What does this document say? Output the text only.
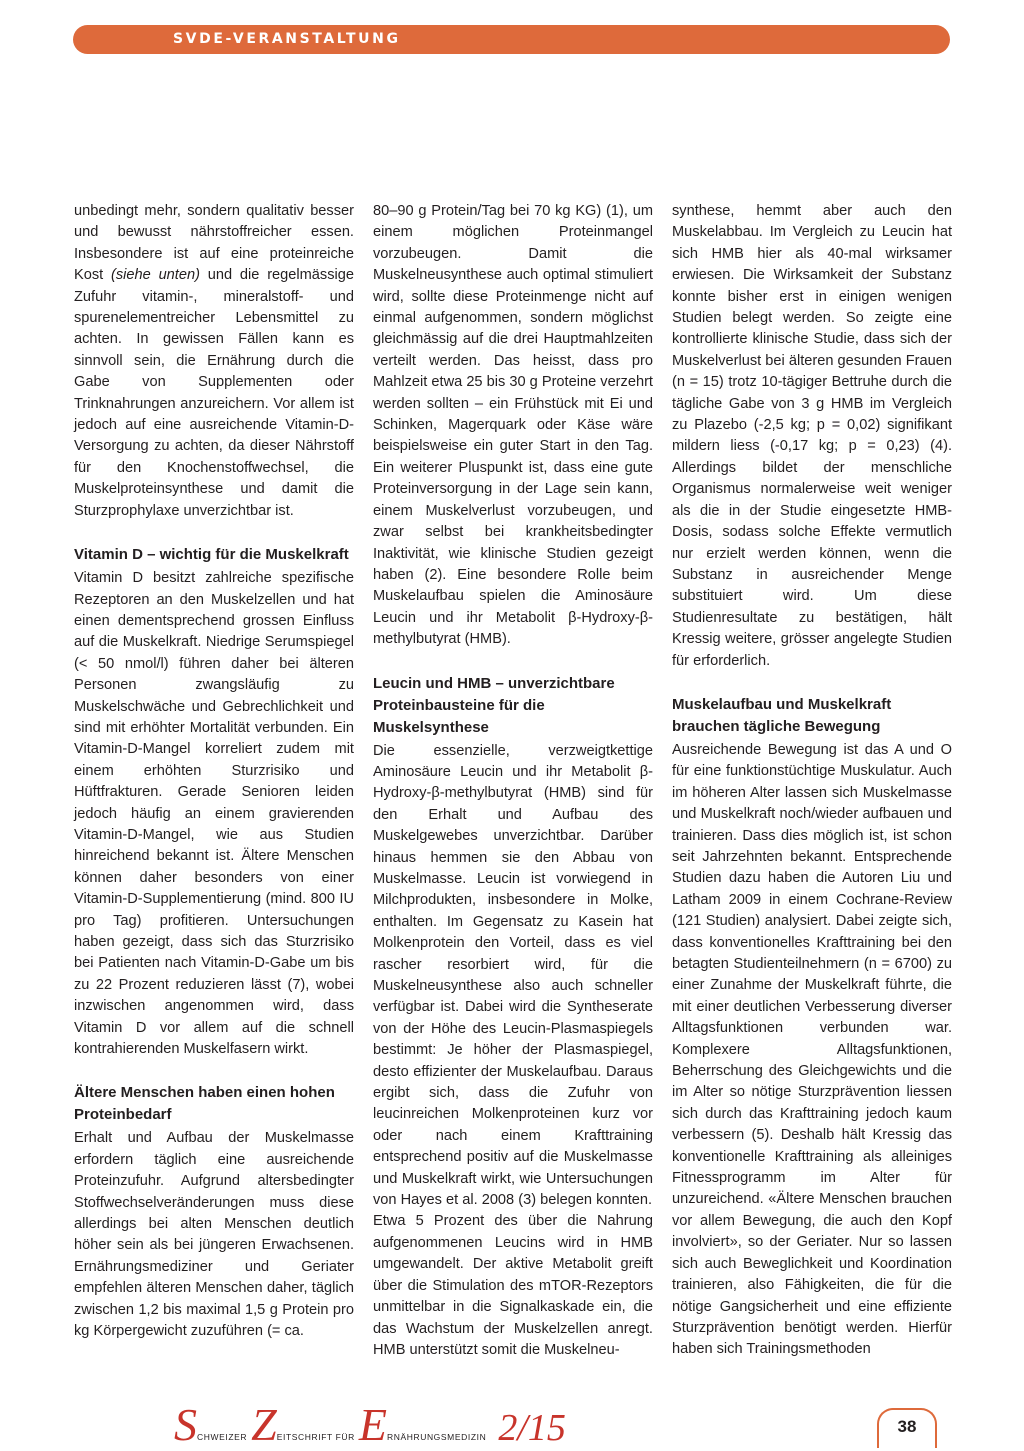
SVDE-VERANSTALTUNG

unbedingt mehr, sondern qualitativ besser und bewusst nährstoffreicher essen. Insbesondere ist auf eine proteinreiche Kost (siehe unten) und die regelmässige Zufuhr vitamin-, mineralstoff- und spurenelementreicher Lebensmittel zu achten. In gewissen Fällen kann es sinnvoll sein, die Ernährung durch die Gabe von Supplementen oder Trinknahrungen anzureichern. Vor allem ist jedoch auf eine ausreichende Vitamin-D-Versorgung zu achten, da dieser Nährstoff für den Knochenstoffwechsel, die Muskelproteinsynthese und damit die Sturzprophylaxe unverzichtbar ist.

Vitamin D – wichtig für die Muskelkraft

Vitamin D besitzt zahlreiche spezifische Rezeptoren an den Muskelzellen und hat einen dementsprechend grossen Einfluss auf die Muskelkraft. Niedrige Serumspiegel (< 50 nmol/l) führen daher bei älteren Personen zwangsläufig zu Muskelschwäche und Gebrechlichkeit und sind mit erhöhter Mortalität verbunden. Ein Vitamin-D-Mangel korreliert zudem mit einem erhöhten Sturzrisiko und Hüftfrakturen. Gerade Senioren leiden jedoch häufig an einem gravierenden Vitamin-D-Mangel, wie aus Studien hinreichend bekannt ist. Ältere Menschen können daher besonders von einer Vitamin-D-Supplementierung (mind. 800 IU pro Tag) profitieren. Untersuchungen haben gezeigt, dass sich das Sturzrisiko bei Patienten nach Vitamin-D-Gabe um bis zu 22 Prozent reduzieren lässt (7), wobei inzwischen angenommen wird, dass Vitamin D vor allem auf die schnell kontrahierenden Muskelfasern wirkt.

Ältere Menschen haben einen hohen Proteinbedarf

Erhalt und Aufbau der Muskelmasse erfordern täglich eine ausreichende Proteinzufuhr. Aufgrund altersbedingter Stoffwechselveränderungen muss diese allerdings bei alten Menschen deutlich höher sein als bei jüngeren Erwachsenen. Ernährungsmediziner und Geriater empfehlen älteren Menschen daher, täglich zwischen 1,2 bis maximal 1,5 g Protein pro kg Körpergewicht zuzuführen (= ca.

80–90 g Protein/Tag bei 70 kg KG) (1), um einem möglichen Proteinmangel vorzubeugen. Damit die Muskelneusynthese auch optimal stimuliert wird, sollte diese Proteinmenge nicht auf einmal aufgenommen, sondern möglichst gleichmässig auf die drei Hauptmahlzeiten verteilt werden. Das heisst, dass pro Mahlzeit etwa 25 bis 30 g Proteine verzehrt werden sollten – ein Frühstück mit Ei und Schinken, Magerquark oder Käse wäre beispielsweise ein guter Start in den Tag. Ein weiterer Pluspunkt ist, dass eine gute Proteinversorgung in der Lage sein kann, einem Muskelverlust vorzubeugen, und zwar selbst bei krankheitsbedingter Inaktivität, wie klinische Studien gezeigt haben (2). Eine besondere Rolle beim Muskelaufbau spielen die Aminosäure Leucin und ihr Metabolit β-Hydroxy-β-methylbutyrat (HMB).

Leucin und HMB – unverzichtbare Proteinbausteine für die Muskelsynthese

Die essenzielle, verzweigtkettige Aminosäure Leucin und ihr Metabolit β-Hydroxy-β-methylbutyrat (HMB) sind für den Erhalt und Aufbau des Muskelgewebes unverzichtbar. Darüber hinaus hemmen sie den Abbau von Muskelmasse. Leucin ist vorwiegend in Milchprodukten, insbesondere in Molke, enthalten. Im Gegensatz zu Kasein hat Molkenprotein den Vorteil, dass es viel rascher resorbiert wird, für die Muskelneusynthese also auch schneller verfügbar ist. Dabei wird die Syntheserate von der Höhe des Leucin-Plasmaspiegels bestimmt: Je höher der Plasmaspiegel, desto effizienter der Muskelaufbau. Daraus ergibt sich, dass die Zufuhr von leucinreichen Molkenproteinen kurz vor oder nach einem Krafttraining entsprechend positiv auf die Muskelmasse und Muskelkraft wirkt, wie Untersuchungen von Hayes et al. 2008 (3) belegen konnten.

Etwa 5 Prozent des über die Nahrung aufgenommenen Leucins wird in HMB umgewandelt. Der aktive Metabolit greift über die Stimulation des mTOR-Rezeptors unmittelbar in die Signalkaskade ein, die das Wachstum der Muskelzellen anregt. HMB unterstützt somit die Muskelneu-

synthese, hemmt aber auch den Muskelabbau. Im Vergleich zu Leucin hat sich HMB hier als 40-mal wirksamer erwiesen. Die Wirksamkeit der Substanz konnte bisher erst in einigen wenigen Studien belegt werden. So zeigte eine kontrollierte klinische Studie, dass sich der Muskelverlust bei älteren gesunden Frauen (n = 15) trotz 10-tägiger Bettruhe durch die tägliche Gabe von 3 g HMB im Vergleich zu Plazebo (-2,5 kg; p = 0,02) signifikant mildern liess (-0,17 kg; p = 0,23) (4). Allerdings bildet der menschliche Organismus normalerweise weit weniger als die in der Studie eingesetzte HMB-Dosis, sodass solche Effekte vermutlich nur erzielt werden können, wenn die Substanz in ausreichender Menge substituiert wird. Um diese Studienresultate zu bestätigen, hält Kressig weitere, grösser angelegte Studien für erforderlich.

Muskelaufbau und Muskelkraft brauchen tägliche Bewegung

Ausreichende Bewegung ist das A und O für eine funktionstüchtige Muskulatur. Auch im höheren Alter lassen sich Muskelmasse und Muskelkraft noch/wieder aufbauen und trainieren. Dass dies möglich ist, ist schon seit Jahrzehnten bekannt. Entsprechende Studien dazu haben die Autoren Liu und Latham 2009 in einem Cochrane-Review (121 Studien) analysiert. Dabei zeigte sich, dass konventionelles Krafttraining bei den betagten Studienteilnehmern (n = 6700) zu einer Zunahme der Muskelkraft führte, die mit einer deutlichen Verbesserung diverser Alltagsfunktionen verbunden war. Komplexere Alltagsfunktionen, Beherrschung des Gleichgewichts und die im Alter so nötige Sturzprävention liessen sich durch das Krafttraining jedoch kaum verbessern (5). Deshalb hält Kressig das konventionelle Krafttraining als alleiniges Fitnessprogramm im Alter für unzureichend. «Ältere Menschen brauchen vor allem Bewegung, die auch den Kopf involviert», so der Geriater. Nur so lassen sich auch Beweglichkeit und Koordination trainieren, also Fähigkeiten, die für die nötige Gangsicherheit und eine effiziente Sturzprävention benötigt werden. Hierfür haben sich Trainingsmethoden

SCHWEIZER ZEITSCHRIFT FÜR ERNÄHRUNGSMEDIZIN 2/15	38
